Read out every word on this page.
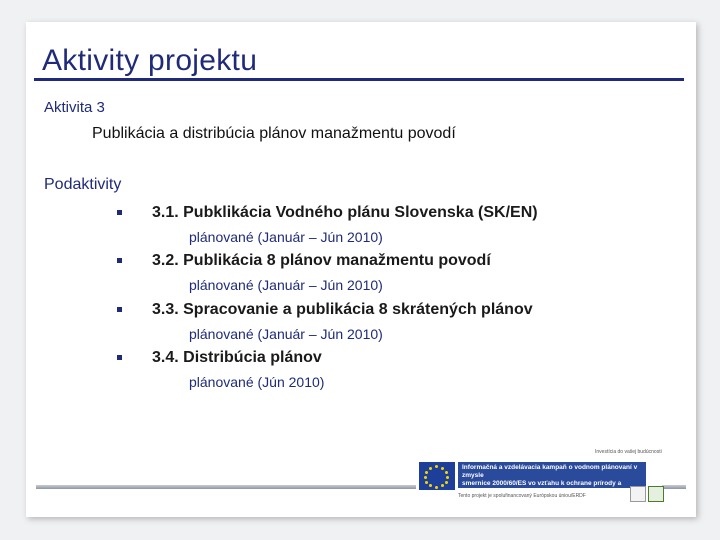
Aktivity projektu
Aktivita 3
Publikácia a distribúcia plánov manažmentu povodí
Podaktivity
3.1. Pubklikácia Vodného plánu Slovenska (SK/EN)
plánované (Január – Jún 2010)
3.2. Publikácia 8 plánov manažmentu povodí
plánované (Január – Jún 2010)
3.3. Spracovanie a publikácia 8 skrátených plánov
plánované (Január – Jún 2010)
3.4. Distribúcia plánov
plánované (Jún 2010)
Investícia do vašej budúcnosti
Informačná a vzdelávacia kampaň o vodnom plánovaní v zmysle
smernice 2000/60/ES vo vzťahu k ochrane prírody a krajiny
Tento projekt je spolufinancovaný Európskou úniou/ERDF
